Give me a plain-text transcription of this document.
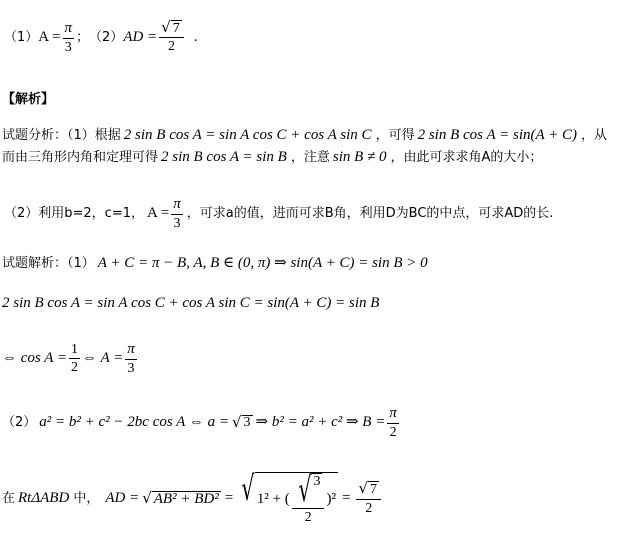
（1） $A = \frac{\pi}{3}$ ； （2） AD = $\frac{√ 7}{2}$ .
【解析】
试题分析：（1）根据 2 sin B cos A = sin A cos C + cos A sin C ，可得 2 sin B cos A = sin(A + C) ，从
而由三角形内角和定理可得 2 sin B cos A = sin B ，注意 sin B ≠ 0 ，由此可求求角A的大小；
（2）利用b=2，c=1， $A = \frac{\pi}{3}$ ，可求a的值，进而可求B角，利用D为BC的中点，可求AD的长.
试题解析：（1） A + C = π − B, A, B ∈ (0, π) ⇒ sin(A + C) = sin B > 0
2 sin B cos A = sin A cos C + cos A sin C = sin(A + C) = sin B
⇔ $\cos A = \frac{1}{2}$ ⇔ $A = \frac{\pi}{3}$
（2） a² = b² + c² − 2bc cos A ⇔ a = √ 3 ⇒ b² = a² + c² ⇒ $B = \frac{\pi}{2}$
在 RtΔABD 中， AD = √ AB² + BD² = √ 1² + ( $\frac{√ 3}{2} )^2 = \frac{√ 7}{2}$
